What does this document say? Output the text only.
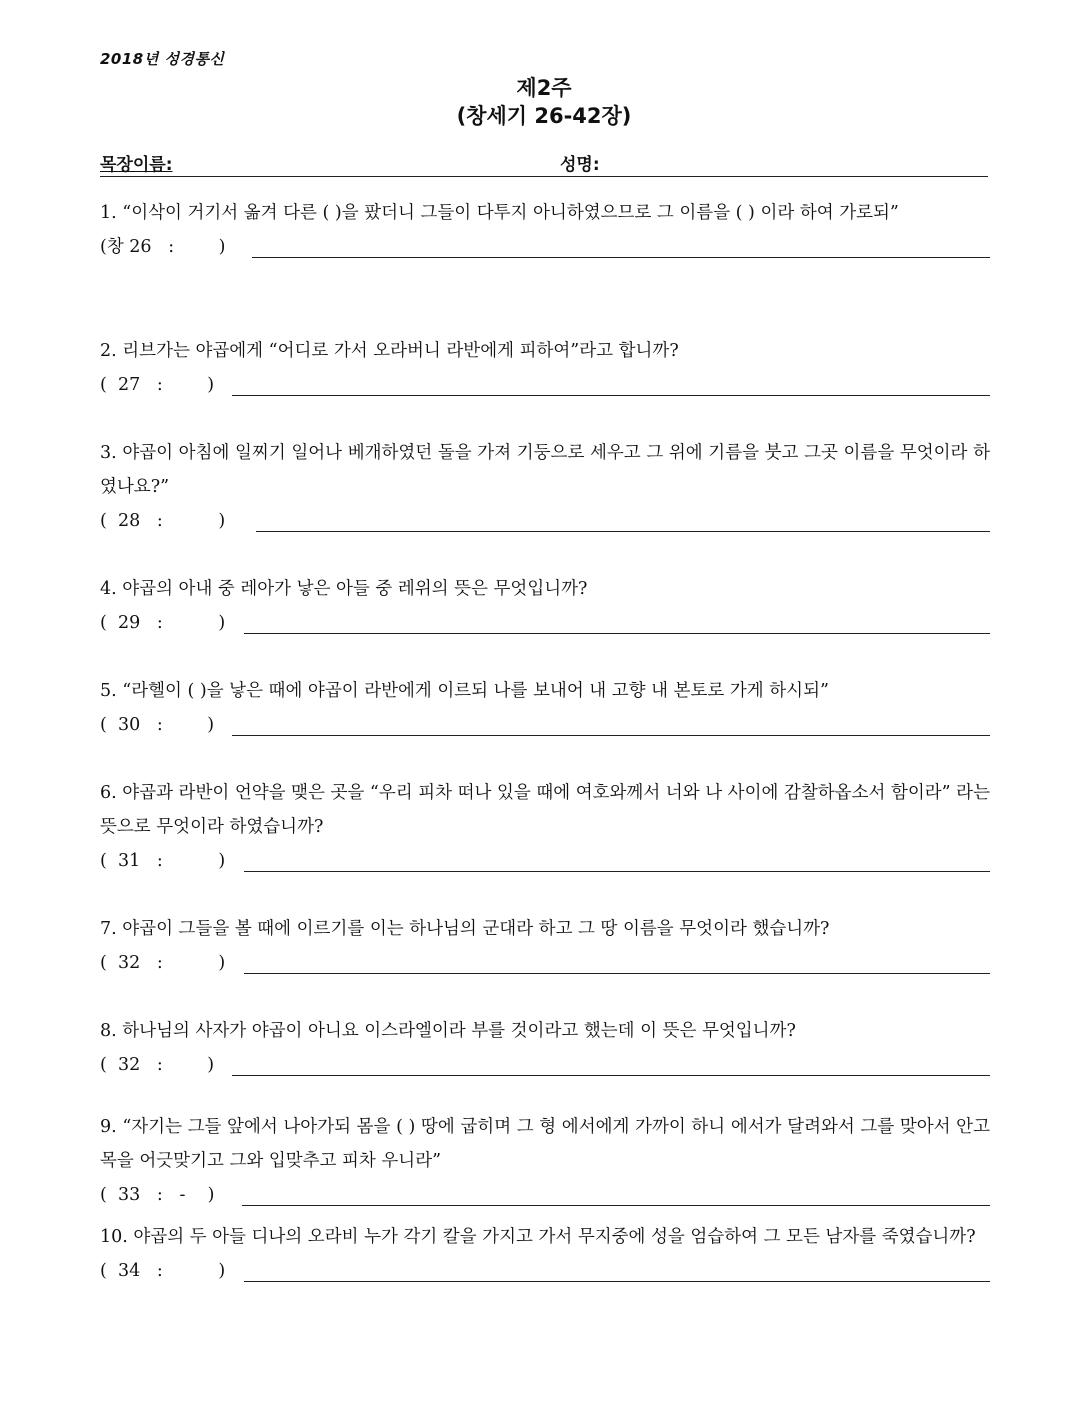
2018년 성경통신
제2주
(창세기 26-42장)
목장이름:	성명:
1. “이삭이 거기서 옮겨 다른 ( )을 팠더니 그들이 다투지 아니하였으므로 그 이름을 ( ) 이라 하여 가로되”
(창 26   :        )
2. 리브가는 야곱에게 “어디로 가서 오라버니 라반에게 피하여”라고 합니까?
(  27   :        )
3. 야곱이 아침에 일찌기 일어나 베개하였던 돌을 가져 기둥으로 세우고 그 위에 기름을 붓고 그곳 이름을 무엇이라 하였나요?”
(  28   :          )
4. 야곱의 아내 중 레아가 낳은 아들 중 레위의 뜻은 무엇입니까?
(  29   :          )
5. “라헬이 ( )을 낳은 때에 야곱이 라반에게 이르되 나를 보내어 내 고향 내 본토로 가게 하시되”
(  30   :        )
6. 야곱과 라반이 언약을 맺은 곳을 “우리 피차 떠나 있을 때에 여호와께서 너와 나 사이에 감찰하옵소서 함이라” 라는 뜻으로 무엇이라 하였습니까?
(  31   :          )
7. 야곱이 그들을 볼 때에 이르기를 이는 하나님의 군대라 하고 그 땅 이름을 무엇이라 했습니까?
(  32   :          )
8. 하나님의 사자가 야곱이 아니요 이스라엘이라 부를 것이라고 했는데 이 뜻은 무엇입니까?
(  32   :        )
9. “자기는 그들 앞에서 나아가되 몸을 ( ) 땅에 굽히며 그 형 에서에게 가까이 하니 에서가 달려와서 그를 맞아서 안고 목을 어긋맞기고 그와 입맞추고 피차 우니라”
(  33   :   -    )
10. 야곱의 두 아들 디나의 오라비 누가 각기 칼을 가지고 가서 무지중에 성을 엄습하여 그 모든 남자를 죽였습니까?
(  34   :          )
